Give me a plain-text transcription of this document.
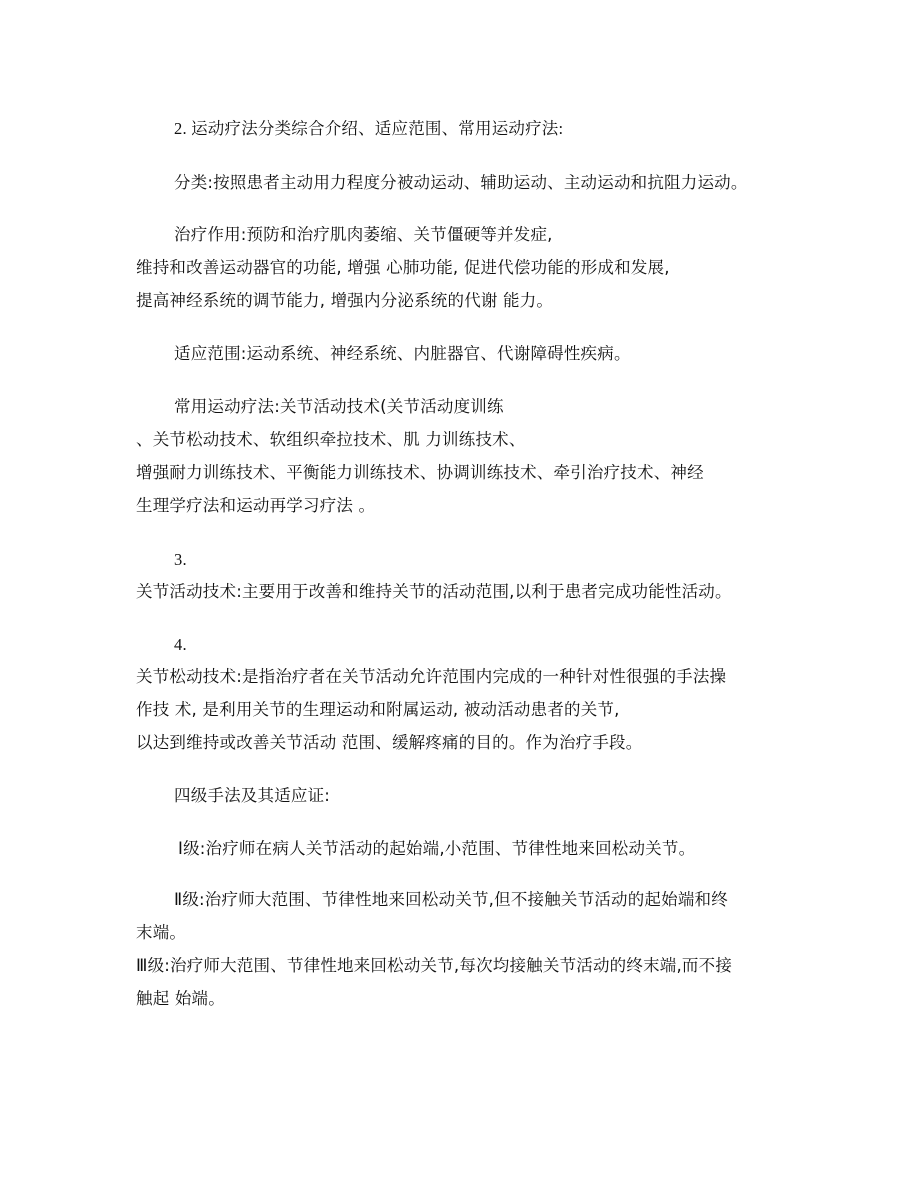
2. 运动疗法分类综合介绍、适应范围、常用运动疗法:
分类:按照患者主动用力程度分被动运动、辅助运动、主动运动和抗阻力运动。
治疗作用:预防和治疗肌肉萎缩、关节僵硬等并发症,
维持和改善运动器官的功能, 增强 心肺功能, 促进代偿功能的形成和发展,
提高神经系统的调节能力, 增强内分泌系统的代谢 能力。
适应范围:运动系统、神经系统、内脏器官、代谢障碍性疾病。
常用运动疗法:关节活动技术(关节活动度训练
、关节松动技术、软组织牵拉技术、肌 力训练技术、
增强耐力训练技术、平衡能力训练技术、协调训练技术、牵引治疗技术、神经
生理学疗法和运动再学习疗法 。
3.
关节活动技术:主要用于改善和维持关节的活动范围,以利于患者完成功能性活动。
4.
关节松动技术:是指治疗者在关节活动允许范围内完成的一种针对性很强的手法操
作技 术, 是利用关节的生理运动和附属运动, 被动活动患者的关节,
以达到维持或改善关节活动 范围、缓解疼痛的目的。作为治疗手段。
四级手法及其适应证:
Ⅰ级:治疗师在病人关节活动的起始端,小范围、节律性地来回松动关节。
Ⅱ级:治疗师大范围、节律性地来回松动关节,但不接触关节活动的起始端和终
末端。
Ⅲ级:治疗师大范围、节律性地来回松动关节,每次均接触关节活动的终末端,而不接
触起 始端。
